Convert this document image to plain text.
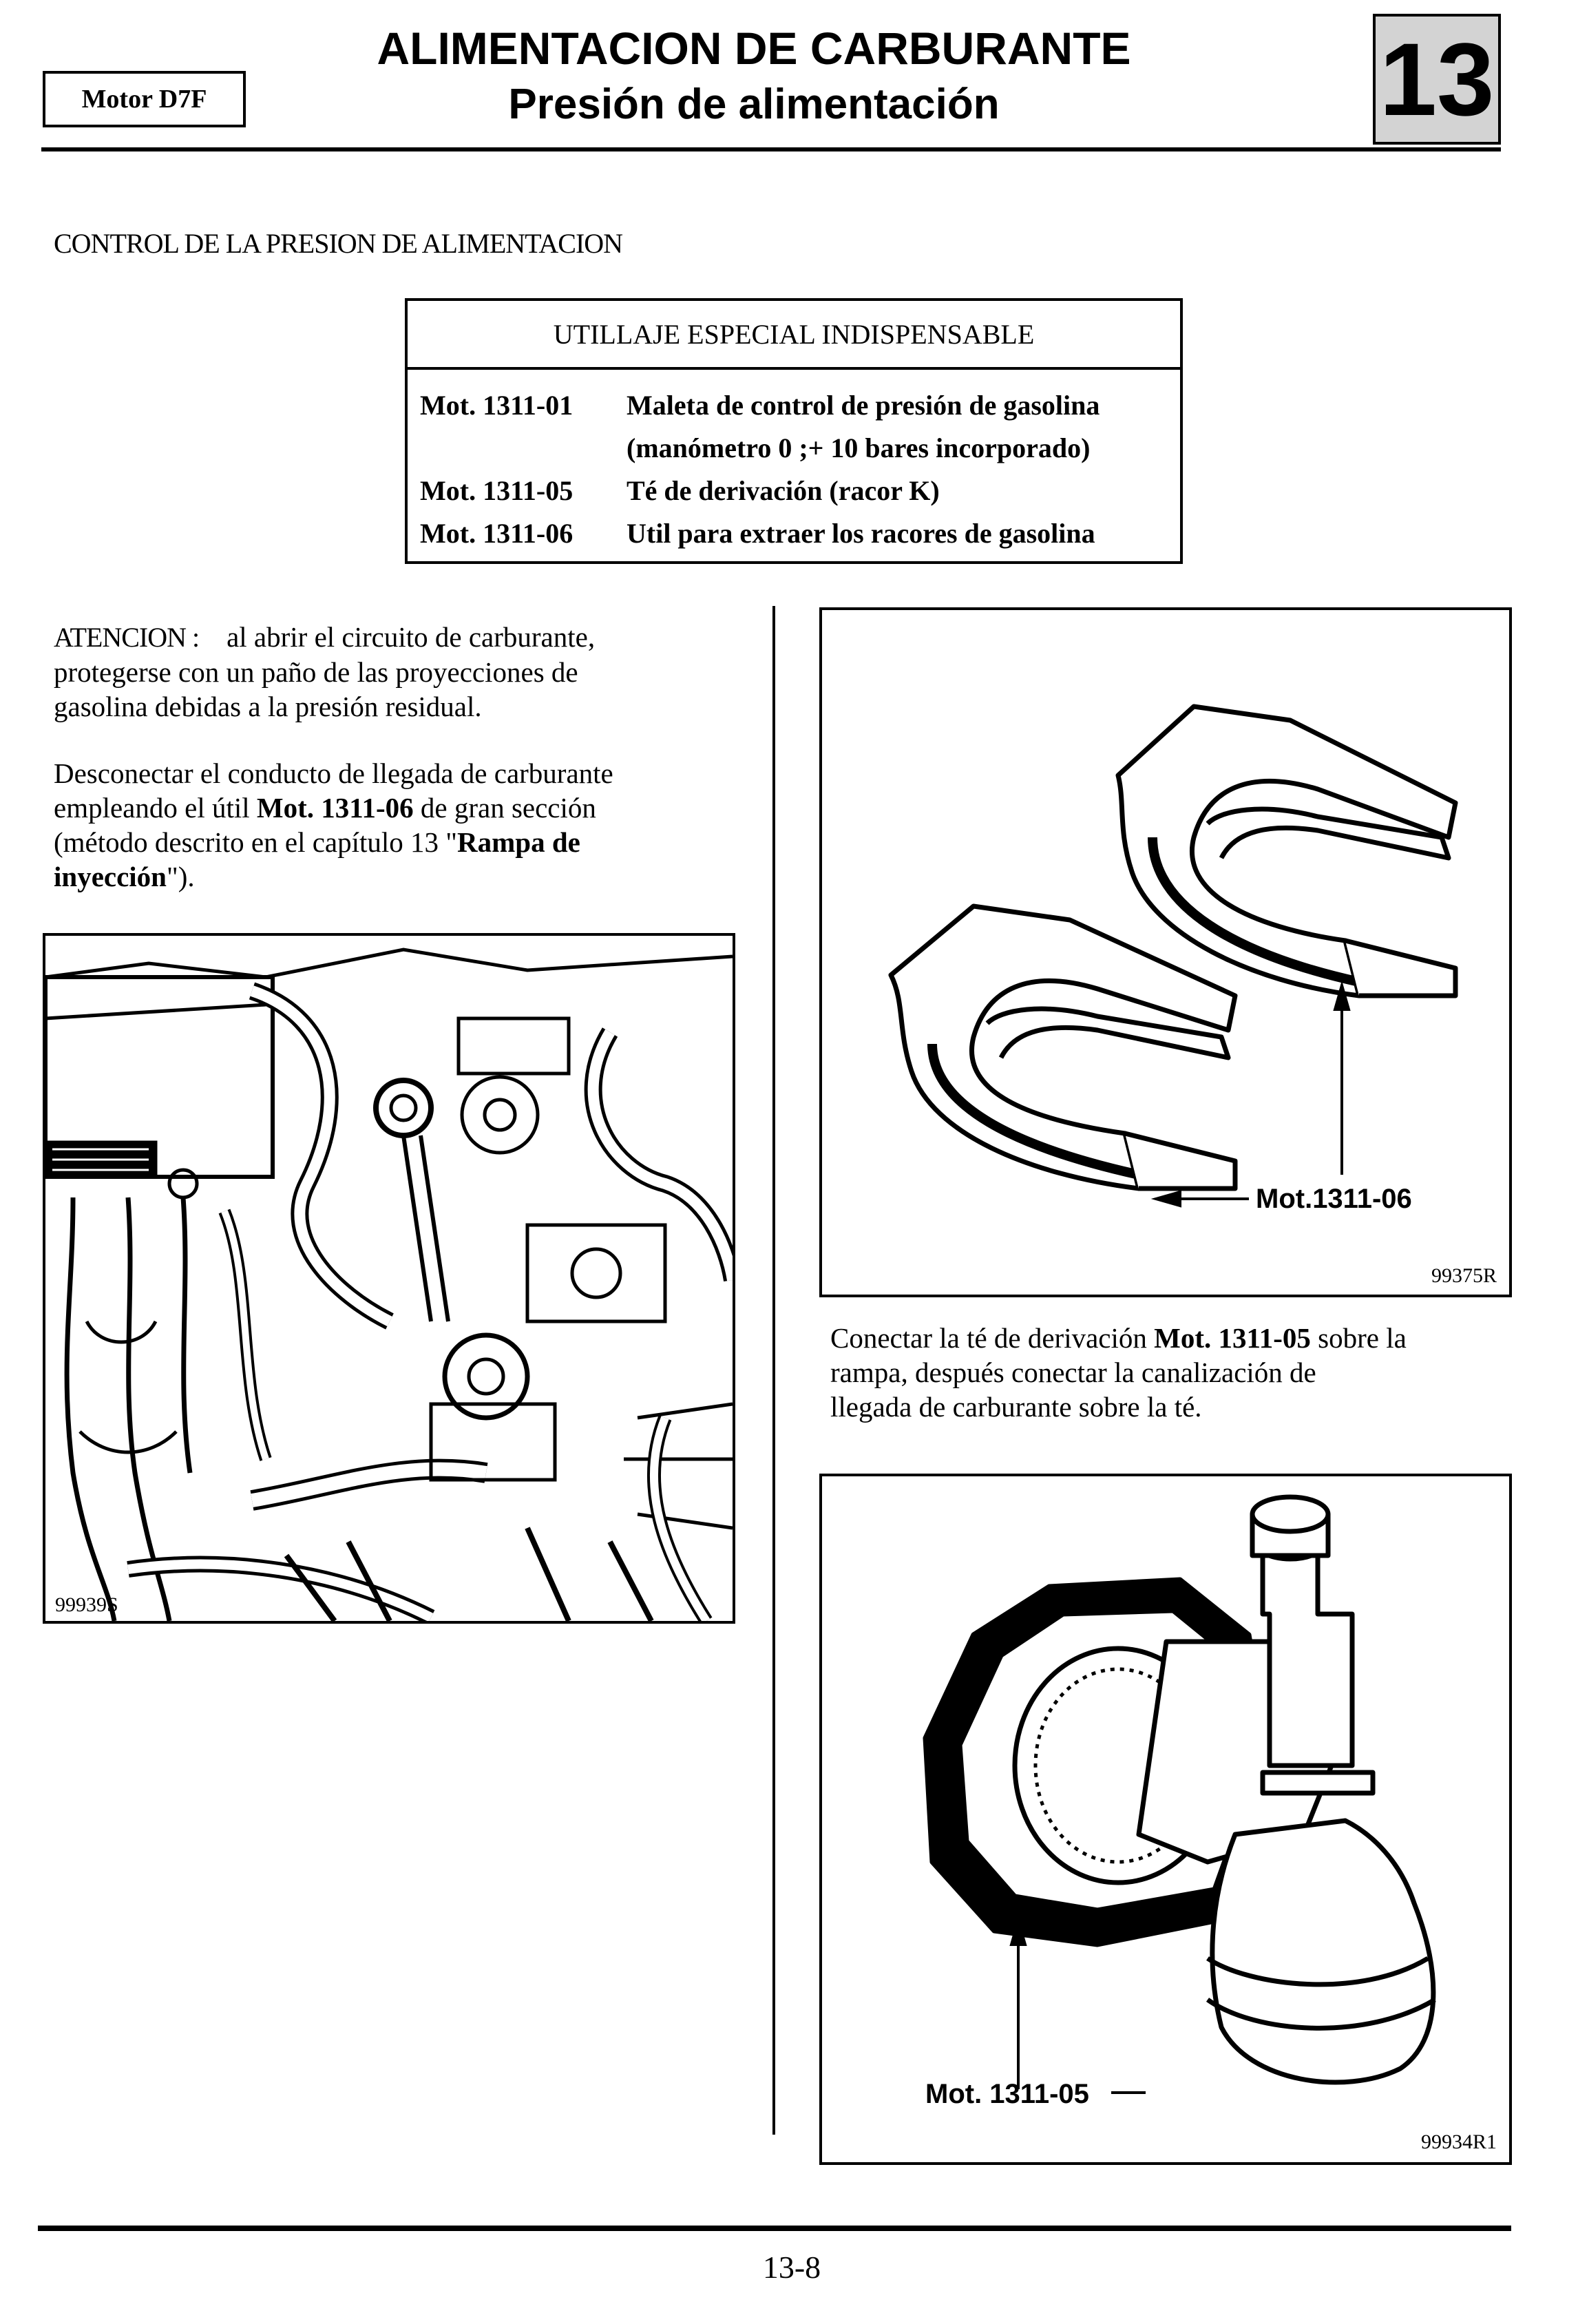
Motor D7F
ALIMENTACION DE CARBURANTE
Presión de alimentación	13
CONTROL DE LA PRESION DE ALIMENTACION
UTILLAJE ESPECIAL INDISPENSABLE
Mot. 1311-01 Maleta de control de presión de gasolina
(manómetro 0 ;+ 10 bares incorporado)
Mot. 1311-05 Té de derivación (racor K)
Mot. 1311-06 Util para extraer los racores de gasolina
ATENCION : al abrir el circuito de carburante,
protegerse con un paño de las proyecciones de
gasolina debidas a la presión residual.
Desconectar el conducto de llegada de carburante
empleando el útil Mot. 1311-06 de gran sección
(método descrito en el capítulo 13 "Rampa de
inyección").
99939S
Mot.1311-06
99375R
Conectar la té de derivación Mot. 1311-05 sobre la
rampa, después conectar la canalización de
llegada de carburante sobre la té.
Mot. 1311-05
99934R1
13-8
